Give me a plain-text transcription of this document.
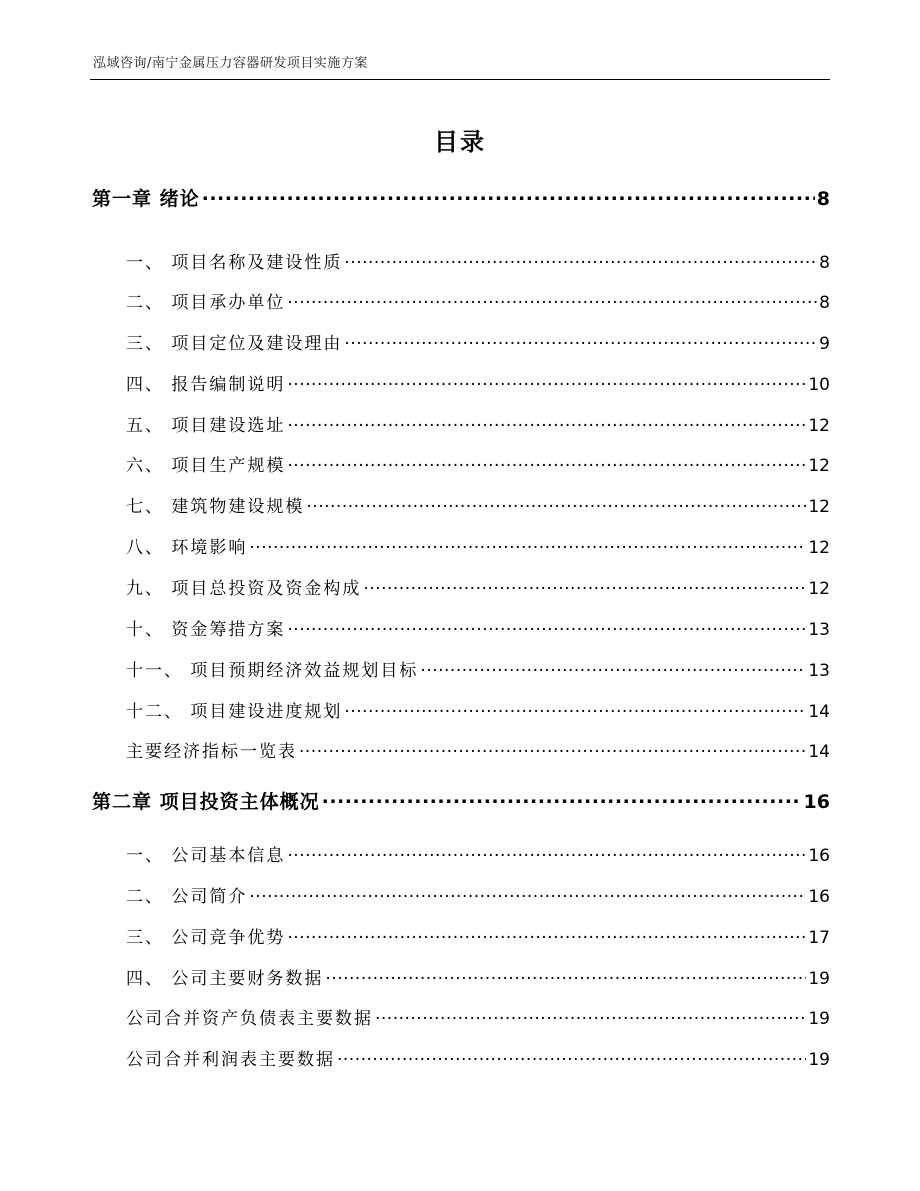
泓域咨询/南宁金属压力容器研发项目实施方案
目录
第一章 绪论 .....	8
一、 项目名称及建设性质 .....	8
二、 项目承办单位 .....	8
三、 项目定位及建设理由 .....	9
四、 报告编制说明 .....	10
五、 项目建设选址 .....	12
六、 项目生产规模 .....	12
七、 建筑物建设规模 .....	12
八、 环境影响 .....	12
九、 项目总投资及资金构成 .....	12
十、 资金筹措方案 .....	13
十一、 项目预期经济效益规划目标 .....	13
十二、 项目建设进度规划 .....	14
主要经济指标一览表 .....	14
第二章 项目投资主体概况 .....	16
一、 公司基本信息 .....	16
二、 公司简介 .....	16
三、 公司竞争优势 .....	17
四、 公司主要财务数据 .....	19
公司合并资产负债表主要数据 .....	19
公司合并利润表主要数据 .....	19
